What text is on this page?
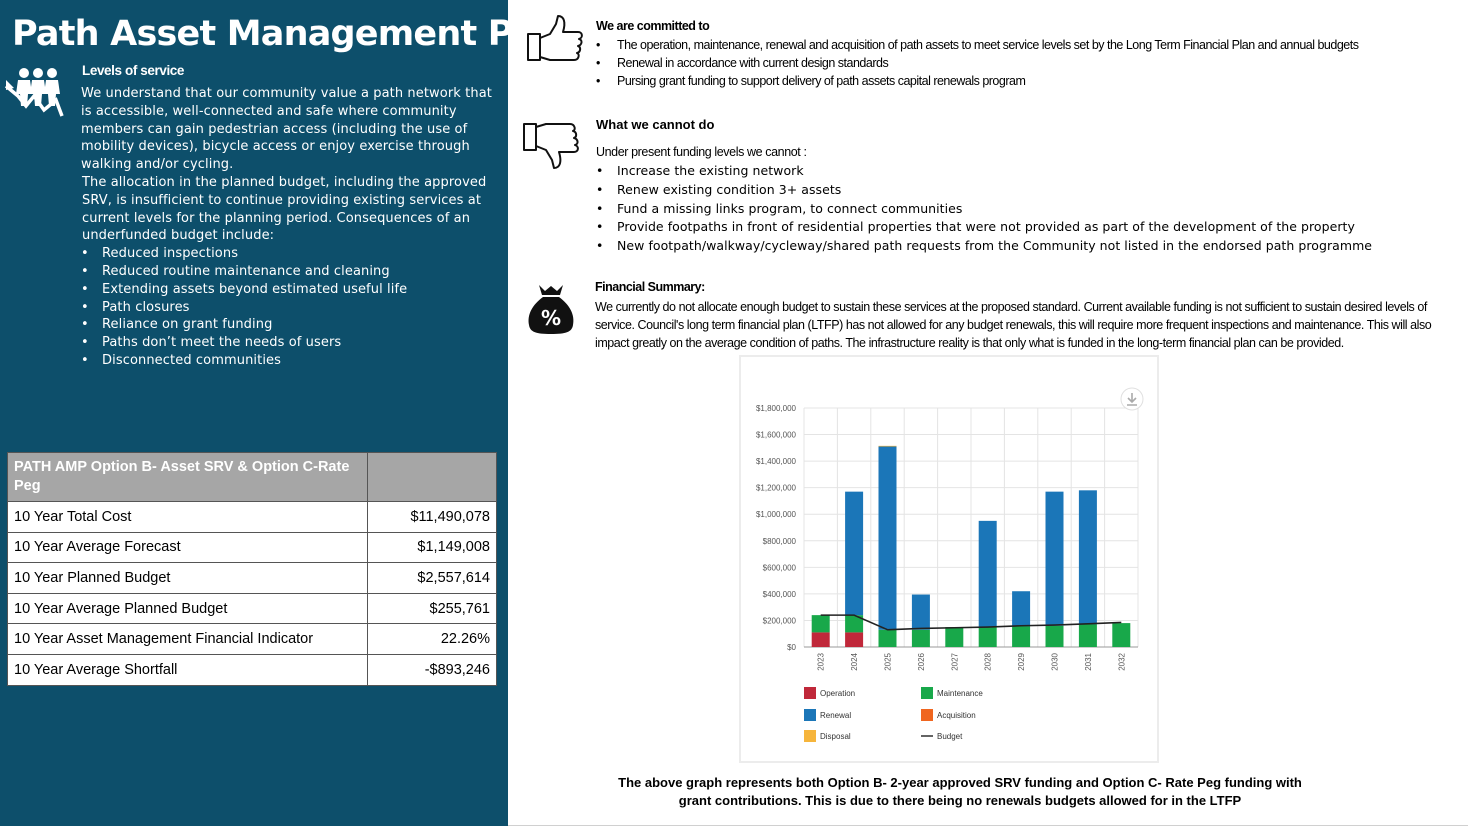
Path Asset Management Plan
Levels of service

We understand that our community value a path network that is accessible, well-connected and safe where community members can gain pedestrian access (including the use of mobility devices), bicycle access or enjoy exercise through walking and/or cycling.

The allocation in the planned budget, including the approved SRV, is insufficient to continue providing existing services at current levels for the planning period. Consequences of an underfunded budget include:

• Reduced inspections
• Reduced routine maintenance and cleaning
• Extending assets beyond estimated useful life
• Path closures
• Reliance on grant funding
• Paths don’t meet the needs of users
• Disconnected communities
PATH AMP Option B- Asset SRV & Option C-Rate Peg	
10 Year Total Cost	$11,490,078
10 Year Average Forecast	$1,149,008
10 Year Planned Budget	$2,557,614
10 Year Average Planned Budget	$255,761
10 Year Asset Management Financial Indicator	22.26%
10 Year Average Shortfall	-$893,246
We are committed to
• The operation, maintenance, renewal and acquisition of path assets to meet service levels set by the Long Term Financial Plan and annual budgets
• Renewal in accordance with current design standards
• Pursing grant funding to support delivery of path assets capital renewals program
What we cannot do
Under present funding levels we cannot :
• Increase the existing network
• Renew existing condition 3+ assets
• Fund a missing links program, to connect communities
• Provide footpaths in front of residential properties that were not provided as part of the development of the property
• New footpath/walkway/cycleway/shared path requests from the Community not listed in the endorsed path programme
%
Financial Summary:

We currently do not allocate enough budget to sustain these services at the proposed standard. Current available funding is not sufficient to sustain desired levels of service. Council's long term financial plan (LTFP) has not allowed for any budget renewals, this will require more frequent inspections and maintenance. This will also impact greatly on the average condition of paths. The infrastructure reality is that only what is funded in the long-term financial plan can be provided.

$0
$200,000
$400,000
$600,000
$800,000
$1,000,000
$1,200,000
$1,400,000
$1,600,000
$1,800,000
2023	2024	2025	2026	2027	2028	2029	2030	2031	2032
Operation	Maintenance
Renewal	Acquisition
Disposal	Budget

The above graph represents both Option B- 2-year approved SRV funding and Option C- Rate Peg funding with

grant contributions. This is due to there being no renewals budgets allowed for in the LTFP
